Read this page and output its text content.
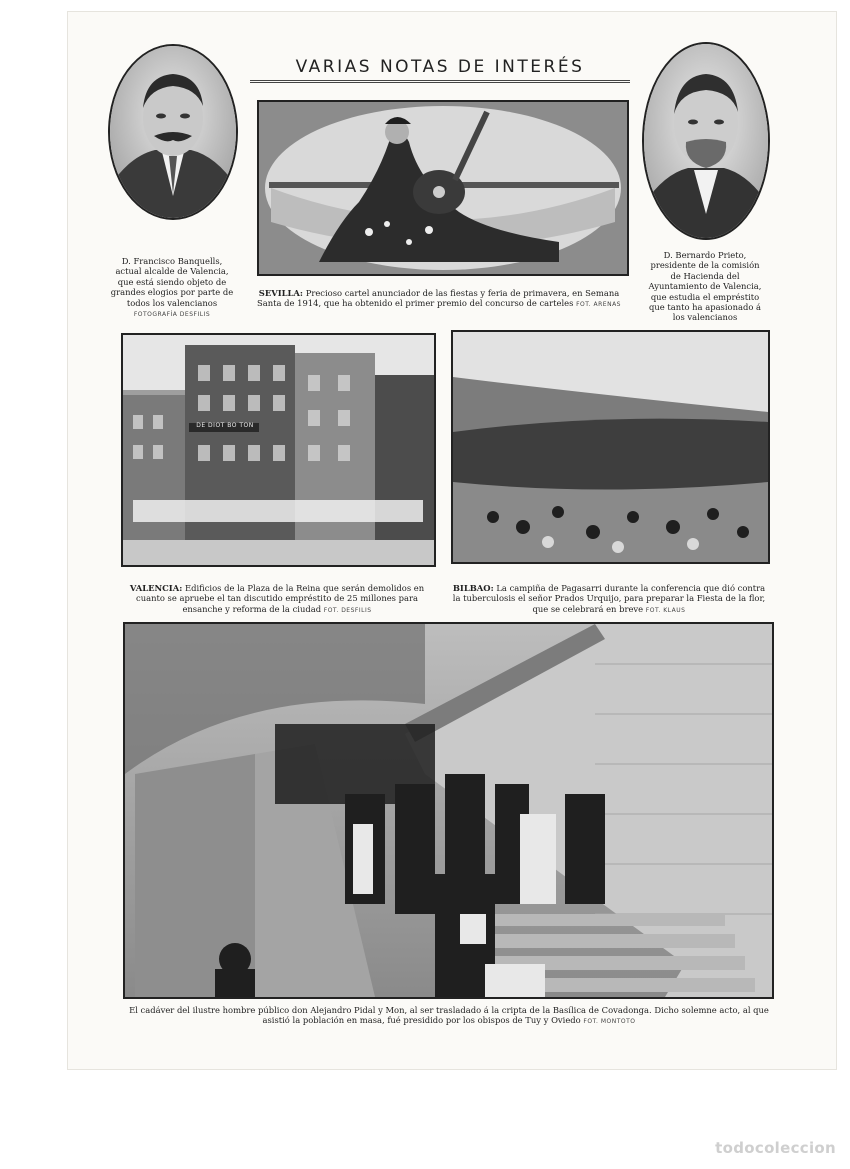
VARIAS NOTAS DE INTERÉS
D. Francisco Banquells, actual alcalde de Valencia, que está siendo objeto de grandes elogios por parte de todos los valencianos
FOTOGRAFÍA DESFILIS
SEVILLA: Precioso cartel anunciador de las fiestas y feria de primavera, en Semana Santa de 1914, que ha obtenido el primer premio del concurso de carteles FOT. ARENAS
D. Bernardo Prieto, presidente de la comisión de Hacienda del Ayuntamiento de Valencia, que estudia el empréstito que tanto ha apasionado á los valencianos
DE DIOT BO TON
VALENCIA: Edificios de la Plaza de la Reina que serán demolidos en cuanto se apruebe el tan discutido empréstito de 25 millones para ensanche y reforma de la ciudad FOT. DESFILIS
BILBAO: La campiña de Pagasarri durante la conferencia que dió contra la tuberculosis el señor Prados Urquijo, para preparar la Fiesta de la flor, que se celebrará en breve FOT. KLAUS
El cadáver del ilustre hombre público don Alejandro Pidal y Mon, al ser trasladado á la cripta de la Basílica de Covadonga. Dicho solemne acto, al que asistió la población en masa, fué presidido por los obispos de Tuy y Oviedo FOT. MONTOTO
todocoleccion
